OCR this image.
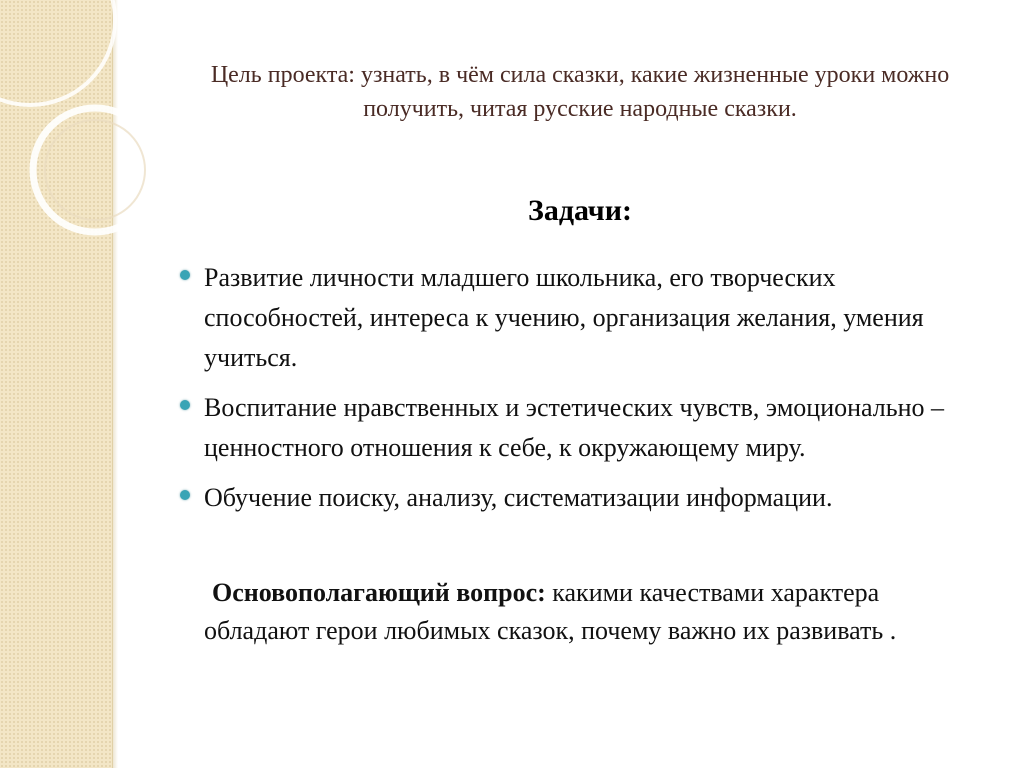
Цель проекта: узнать, в чём сила сказки, какие жизненные уроки можно получить, читая русские народные сказки.
Задачи:
Развитие личности младшего школьника, его творческих способностей, интереса к учению, организация желания, умения учиться.
Воспитание нравственных и эстетических чувств, эмоционально – ценностного отношения к себе, к окружающему миру.
Обучение поиску, анализу, систематизации информации.
Основополагающий вопрос: какими качествами характера обладают герои любимых сказок, почему важно их развивать .
